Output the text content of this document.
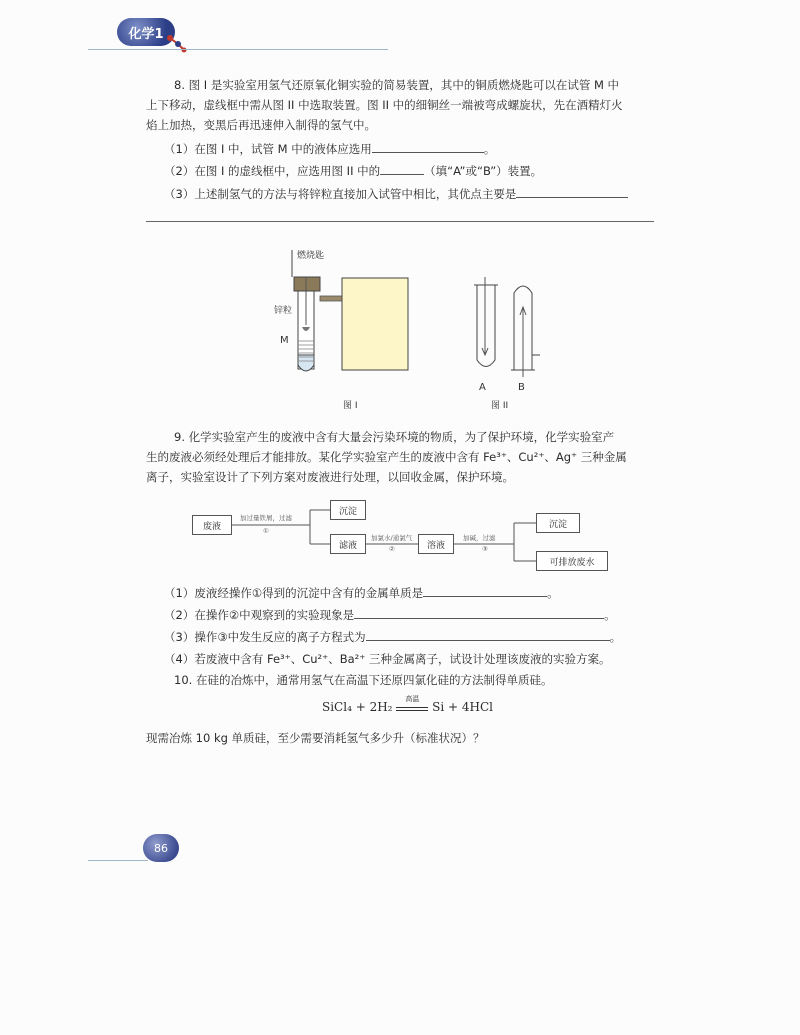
化学1
8. 图 I 是实验室用氢气还原氧化铜实验的简易装置，其中的铜质燃烧匙可以在试管 M 中
上下移动，虚线框中需从图 II 中选取装置。图 II 中的细铜丝一端被弯成螺旋状，先在酒精灯火
焰上加热，变黑后再迅速伸入制得的氢气中。
（1）在图 I 中，试管 M 中的液体应选用	。
（2）在图 I 的虚线框中，应选用图 II 中的	（填“A”或“B”）装置。
（3）上述制氢气的方法与将锌粒直接加入试管中相比，其优点主要是
燃烧匙
锌粒
M
图 I
A	B
图 II
9. 化学实验室产生的废液中含有大量会污染环境的物质，为了保护环境，化学实验室产
生的废液必须经处理后才能排放。某化学实验室产生的废液中含有 Fe³⁺、Cu²⁺、Ag⁺ 三种金属
离子，实验室设计了下列方案对废液进行处理，以回收金属，保护环境。
废液
沉淀
滤液	溶液
沉淀
可排放废水
加过量铁屑，过滤
①
加氯水/通氯气
②
加碱，过滤
③
（1）废液经操作①得到的沉淀中含有的金属单质是	。
（2）在操作②中观察到的实验现象是	。
（3）操作③中发生反应的离子方程式为	。
（4）若废液中含有 Fe³⁺、Cu²⁺、Ba²⁺ 三种金属离子，试设计处理该废液的实验方案。
10. 在硅的冶炼中，通常用氢气在高温下还原四氯化硅的方法制得单质硅。
SiCl₄ + 2H₂
高温
Si + 4HCl
现需冶炼 10 kg 单质硅，至少需要消耗氢气多少升（标准状况）？
86
